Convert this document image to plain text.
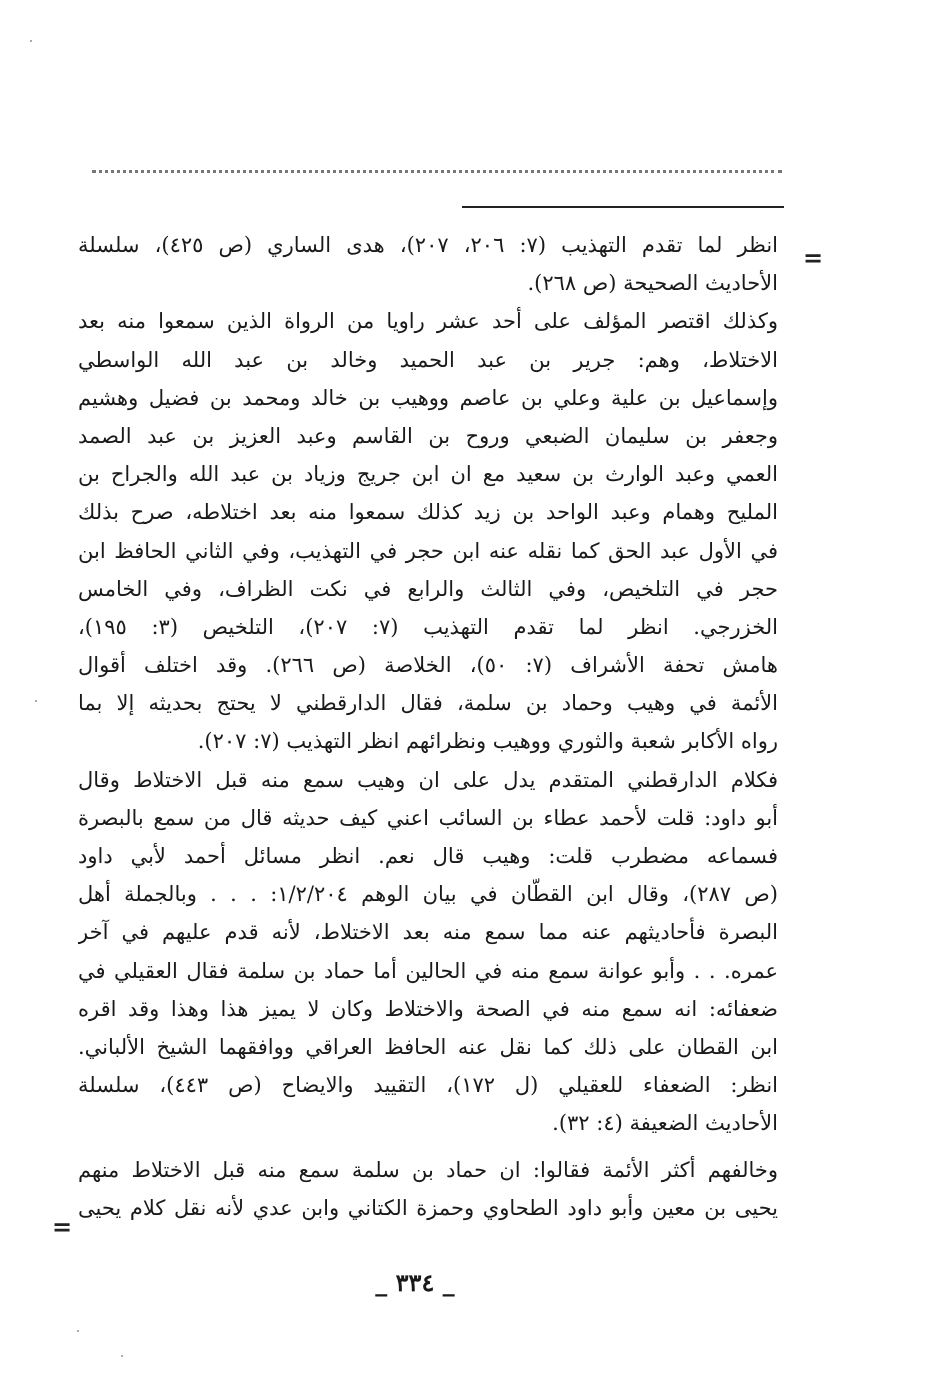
=
=
انظر لما تقدم التهذيب (٧: ٢٠٦، ٢٠٧)، هدى الساري (ص ٤٢٥)، سلسلة
الأحاديث الصحيحة (ص ٢٦٨).
وكذلك اقتصر المؤلف على أحد عشر راويا من الرواة الذين سمعوا منه بعد
الاختلاط، وهم: جرير بن عبد الحميد وخالد بن عبد الله الواسطي
وإسماعيل بن علية وعلي بن عاصم ووهيب بن خالد ومحمد بن فضيل وهشيم
وجعفر بن سليمان الضبعي وروح بن القاسم وعبد العزيز بن عبد الصمد
العمي وعبد الوارث بن سعيد مع ان ابن جريج وزياد بن عبد الله والجراح بن
المليح وهمام وعبد الواحد بن زيد كذلك سمعوا منه بعد اختلاطه، صرح بذلك
في الأول عبد الحق كما نقله عنه ابن حجر في التهذيب، وفي الثاني الحافظ ابن
حجر في التلخيص، وفي الثالث والرابع في نكت الظراف، وفي الخامس
الخزرجي. انظر لما تقدم التهذيب (٧: ٢٠٧)، التلخيص (٣: ١٩٥)،
هامش تحفة الأشراف (٧: ٥٠)، الخلاصة (ص ٢٦٦). وقد اختلف أقوال
الأئمة في وهيب وحماد بن سلمة، فقال الدارقطني لا يحتج بحديثه إلا بما
رواه الأكابر شعبة والثوري ووهيب ونظرائهم انظر التهذيب (٧: ٢٠٧).
فكلام الدارقطني المتقدم يدل على ان وهيب سمع منه قبل الاختلاط وقال
أبو داود: قلت لأحمد عطاء بن السائب اعني كيف حديثه قال من سمع بالبصرة
فسماعه مضطرب قلت: وهيب قال نعم. انظر مسائل أحمد لأبي داود
(ص ٢٨٧)، وقال ابن القطّان في بيان الوهم ١/٢/٢٠٤: . . . وبالجملة أهل
البصرة فأحاديثهم عنه مما سمع منه بعد الاختلاط، لأنه قدم عليهم في آخر
عمره. . . وأبو عوانة سمع منه في الحالين أما حماد بن سلمة فقال العقيلي في
ضعفائه: انه سمع منه في الصحة والاختلاط وكان لا يميز هذا وهذا وقد اقره
ابن القطان على ذلك كما نقل عنه الحافظ العراقي ووافقهما الشيخ الألباني.
انظر: الضعفاء للعقيلي (ل ١٧٢)، التقييد والايضاح (ص ٤٤٣)، سلسلة
الأحاديث الضعيفة (٤: ٣٢).
وخالفهم أكثر الأئمة فقالوا: ان حماد بن سلمة سمع منه قبل الاختلاط منهم
يحيى بن معين وأبو داود الطحاوي وحمزة الكتاني وابن عدي لأنه نقل كلام يحيى
_ ٣٣٤ _
